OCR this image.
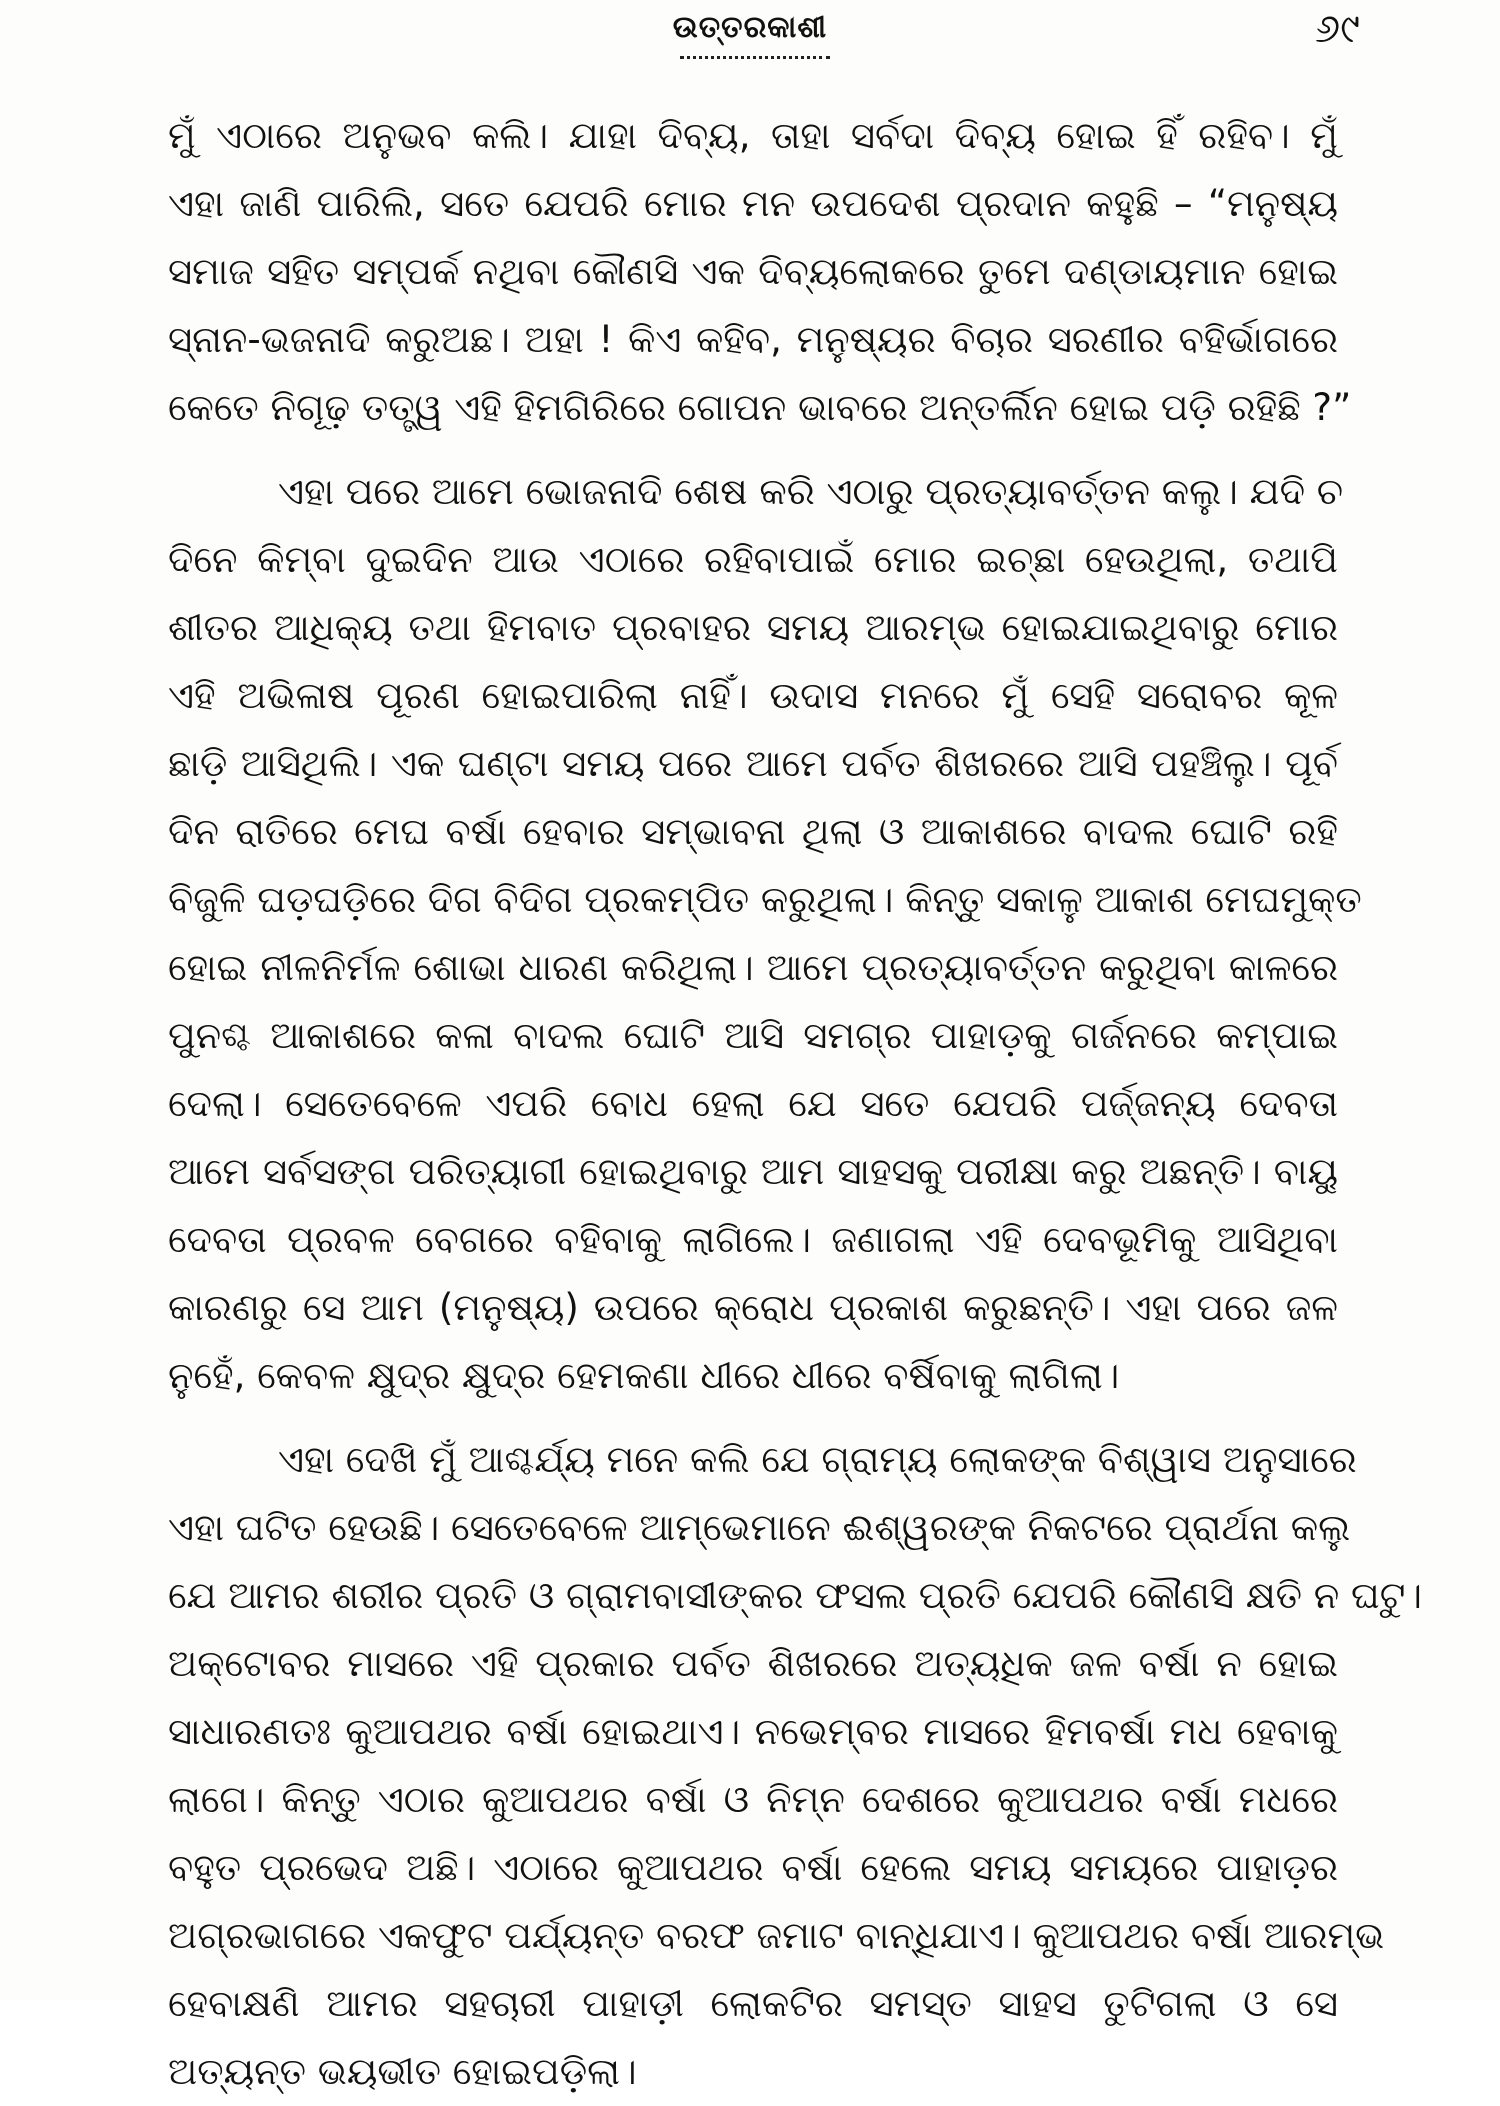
ଉତ୍ତରକାଶୀ	୬୯

ମୁଁ ଏଠାରେ ଅନୁଭବ କଲି। ଯାହା ଦିବ୍ୟ, ତାହା ସର୍ବଦା ଦିବ୍ୟ ହୋଇ ହିଁ ରହିବ। ମୁଁ
ଏହା ଜାଣି ପାରିଲି, ସତେ ଯେପରି ମୋର ମନ ଉପଦେଶ ପ୍ରଦାନ କହୁଛି – “ମନୁଷ୍ୟ
ସମାଜ ସହିତ ସମ୍ପର୍କ ନଥିବା କୌଣସି ଏକ ଦିବ୍ୟଲୋକରେ ତୁମେ ଦଣ୍ଡାୟମାନ ହୋଇ
ସ୍ନାନ-ଭଜନାଦି କରୁଅଛ। ଅହା ! କିଏ କହିବ, ମନୁଷ୍ୟର ବିଚାର ସରଣୀର ବହିର୍ଭାଗରେ
କେତେ ନିଗୂଢ଼ ତତ୍ତ୍ୱ ଏହି ହିମଗିରିରେ ଗୋପନ ଭାବରେ ଅନ୍ତର୍ଲିନ ହୋଇ ପଡ଼ି ରହିଛି ?”

ଏହା ପରେ ଆମେ ଭୋଜନାଦି ଶେଷ କରି ଏଠାରୁ ପ୍ରତ୍ୟାବର୍ତ୍ତନ କଲୁ। ଯଦି ଚ
ଦିନେ କିମ୍ବା ଦୁଇଦିନ ଆଉ ଏଠାରେ ରହିବାପାଇଁ ମୋର ଇଚ୍ଛା ହେଉଥିଲା, ତଥାପି
ଶୀତର ଆଧିକ୍ୟ ତଥା ହିମବାତ ପ୍ରବାହର ସମୟ ଆରମ୍ଭ ହୋଇଯାଇଥିବାରୁ ମୋର
ଏହି ଅଭିଳାଷ ପୂରଣ ହୋଇପାରିଲା ନାହିଁ। ଉଦାସ ମନରେ ମୁଁ ସେହି ସରୋବର କୂଳ
ଛାଡ଼ି ଆସିଥିଲି। ଏକ ଘଣ୍ଟା ସମୟ ପରେ ଆମେ ପର୍ବତ ଶିଖରରେ ଆସି ପହଞ୍ଚିଲୁ। ପୂର୍ବ
ଦିନ ରାତିରେ ମେଘ ବର୍ଷା ହେବାର ସମ୍ଭାବନା ଥିଲା ଓ ଆକାଶରେ ବାଦଲ ଘୋଟି ରହି
ବିଜୁଳି ଘଡ଼ଘଡ଼ିରେ ଦିଗ ବିଦିଗ ପ୍ରକମ୍ପିତ କରୁଥିଲା। କିନ୍ତୁ ସକାଳୁ ଆକାଶ ମେଘମୁକ୍ତ
ହୋଇ ନୀଳନିର୍ମଳ ଶୋଭା ଧାରଣ କରିଥିଲା। ଆମେ ପ୍ରତ୍ୟାବର୍ତ୍ତନ କରୁଥିବା କାଳରେ
ପୁନଶ୍ଚ ଆକାଶରେ କଳା ବାଦଲ ଘୋଟି ଆସି ସମଗ୍ର ପାହାଡ଼କୁ ଗର୍ଜନରେ କମ୍ପାଇ
ଦେଲା। ସେତେବେଳେ ଏପରି ବୋଧ ହେଲା ଯେ ସତେ ଯେପରି ପର୍ଜ୍ଜନ୍ୟ ଦେବତା
ଆମେ ସର୍ବସଙ୍ଗ ପରିତ୍ୟାଗୀ ହୋଇଥିବାରୁ ଆମ ସାହସକୁ ପରୀକ୍ଷା କରୁ ଅଛନ୍ତି। ବାୟୁ
ଦେବତା ପ୍ରବଳ ବେଗରେ ବହିବାକୁ ଲାଗିଲେ। ଜଣାଗଲା ଏହି ଦେବଭୂମିକୁ ଆସିଥିବା
କାରଣରୁ ସେ ଆମ (ମନୁଷ୍ୟ) ଉପରେ କ୍ରୋଧ ପ୍ରକାଶ କରୁଛନ୍ତି। ଏହା ପରେ ଜଳ
ନୁହେଁ, କେବଳ କ୍ଷୁଦ୍ର କ୍ଷୁଦ୍ର ହେମକଣା ଧୀରେ ଧୀରେ ବର୍ଷିବାକୁ ଲାଗିଲା।

ଏହା ଦେଖି ମୁଁ ଆଶ୍ଚର୍ଯ୍ୟ ମନେ କଲି ଯେ ଗ୍ରାମ୍ୟ ଲୋକଙ୍କ ବିଶ୍ୱାସ ଅନୁସାରେ
ଏହା ଘଟିତ ହେଉଛି। ସେତେବେଳେ ଆମ୍ଭେମାନେ ଈଶ୍ୱରଙ୍କ ନିକଟରେ ପ୍ରାର୍ଥନା କଲୁ
ଯେ ଆମର ଶରୀର ପ୍ରତି ଓ ଗ୍ରାମବାସୀଙ୍କର ଫସଲ ପ୍ରତି ଯେପରି କୌଣସି କ୍ଷତି ନ ଘଟୁ।
ଅକ୍ଟୋବର ମାସରେ ଏହି ପ୍ରକାର ପର୍ବତ ଶିଖରରେ ଅତ୍ୟଧିକ ଜଳ ବର୍ଷା ନ ହୋଇ
ସାଧାରଣତଃ କୁଆପଥର ବର୍ଷା ହୋଇଥାଏ। ନଭେମ୍ବର ମାସରେ ହିମବର୍ଷା ମଧ ହେବାକୁ
ଲାଗେ। କିନ୍ତୁ ଏଠାର କୁଆପଥର ବର୍ଷା ଓ ନିମ୍ନ ଦେଶରେ କୁଆପଥର ବର୍ଷା ମଧରେ
ବହୁତ ପ୍ରଭେଦ ଅଛି। ଏଠାରେ କୁଆପଥର ବର୍ଷା ହେଲେ ସମୟ ସମୟରେ ପାହାଡ଼ର
ଅଗ୍ରଭାଗରେ ଏକଫୁଟ ପର୍ଯ୍ୟନ୍ତ ବରଫ ଜମାଟ ବାନ୍ଧିଯାଏ। କୁଆପଥର ବର୍ଷା ଆରମ୍ଭ
ହେବାକ୍ଷଣି ଆମର ସହଚାରୀ ପାହାଡ଼ୀ ଲୋକଟିର ସମସ୍ତ ସାହସ ତୁଟିଗଲା ଓ ସେ
ଅତ୍ୟନ୍ତ ଭୟଭୀତ ହୋଇପଡ଼ିଲା।
